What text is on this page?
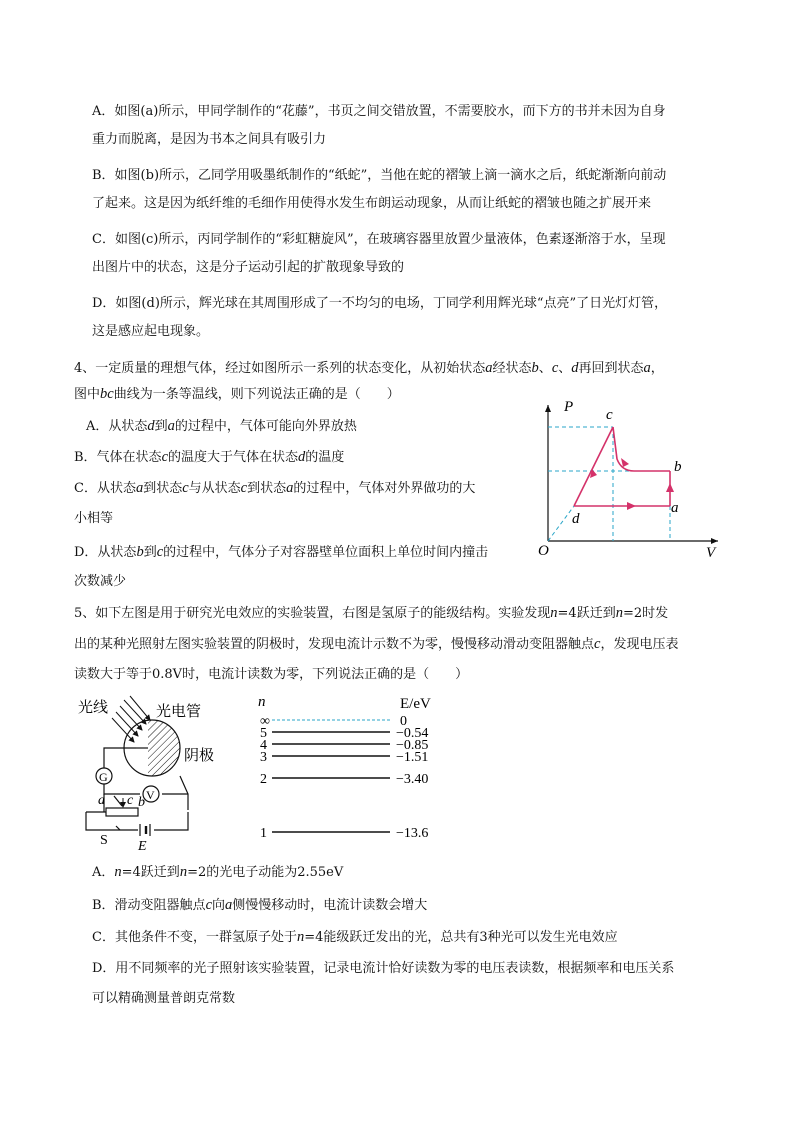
A．如图(a)所示，甲同学制作的“花藤”，书页之间交错放置，不需要胶水，而下方的书并未因为自身
重力而脱离，是因为书本之间具有吸引力
B．如图(b)所示，乙同学用吸墨纸制作的“纸蛇”，当他在蛇的褶皱上滴一滴水之后，纸蛇渐渐向前动
了起来。这是因为纸纤维的毛细作用使得水发生布朗运动现象，从而让纸蛇的褶皱也随之扩展开来
C．如图(c)所示，丙同学制作的“彩虹糖旋风”，在玻璃容器里放置少量液体，色素逐渐溶于水，呈现
出图片中的状态，这是分子运动引起的扩散现象导致的
D．如图(d)所示，辉光球在其周围形成了一不均匀的电场，丁同学利用辉光球“点亮”了日光灯灯管，
这是感应起电现象。
4、一定质量的理想气体，经过如图所示一系列的状态变化，从初始状态a经状态b、c、d再回到状态a，
图中bc曲线为一条等温线，则下列说法正确的是（　　）
A．从状态d到a的过程中，气体可能向外界放热
B．气体在状态c的温度大于气体在状态d的温度
C．从状态a到状态c与从状态c到状态a的过程中，气体对外界做功的大
小相等
D．从状态b到c的过程中，气体分子对容器壁单位面积上单位时间内撞击
次数减少
P
V
O
c
b
a
d
5、如下左图是用于研究光电效应的实验装置，右图是氢原子的能级结构。实验发现n=4跃迁到n=2时发
出的某种光照射左图实验装置的阴极时，发现电流计示数不为零，慢慢移动滑动变阻器触点c，发现电压表
读数大于等于0.8V时，电流计读数为零，下列说法正确的是（　　）
光线	光电管
阴极
G
V
a c b
S E
n	E/eV
∞	0
5	−0.54
4	−0.85
3	−1.51
2	−3.40
1	−13.6
A．n=4跃迁到n=2的光电子动能为2.55eV
B．滑动变阻器触点c向a侧慢慢移动时，电流计读数会增大
C．其他条件不变，一群氢原子处于n=4能级跃迁发出的光，总共有3种光可以发生光电效应
D．用不同频率的光子照射该实验装置，记录电流计恰好读数为零的电压表读数，根据频率和电压关系
可以精确测量普朗克常数
